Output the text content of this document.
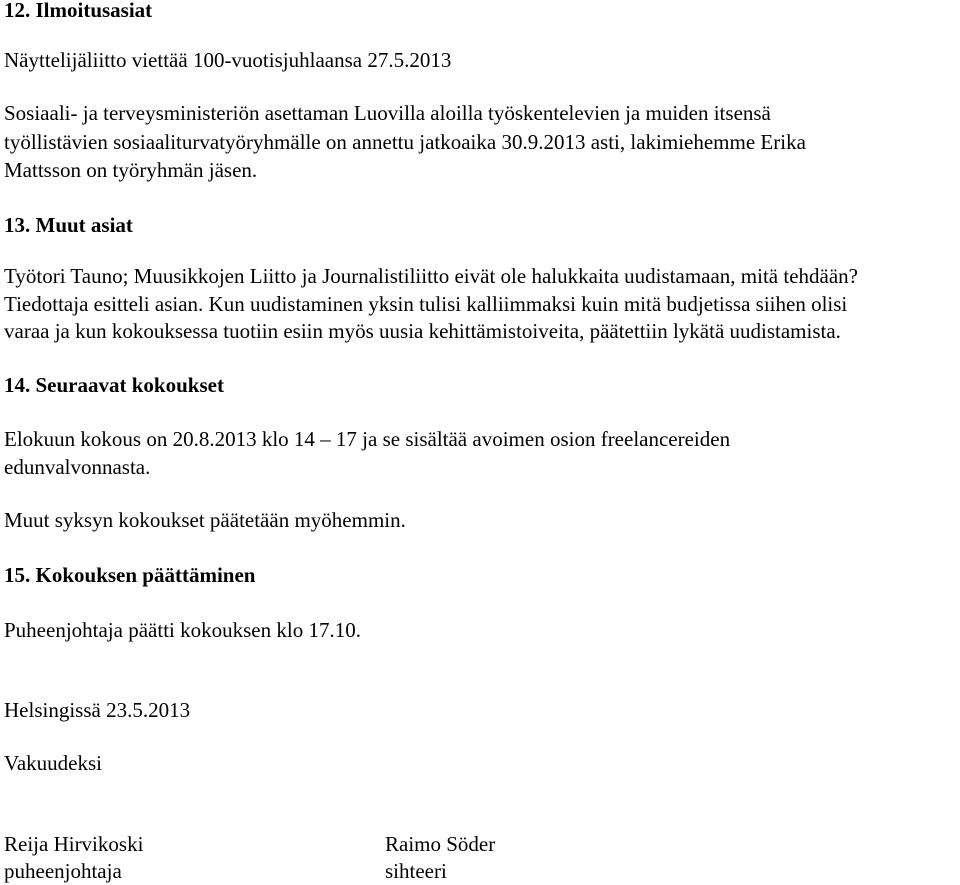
12. Ilmoitusasiat
Näyttelijäliitto viettää 100-vuotisjuhlaansa 27.5.2013
Sosiaali- ja terveysministeriön asettaman Luovilla aloilla työskentelevien ja muiden itsensä
työllistävien sosiaaliturvatyöryhmälle on annettu jatkoaika 30.9.2013 asti, lakimiehemme Erika
Mattsson on työryhmän jäsen.
13. Muut asiat
Työtori Tauno; Muusikkojen Liitto ja Journalistiliitto eivät ole halukkaita uudistamaan, mitä tehdään?
Tiedottaja esitteli asian. Kun uudistaminen yksin tulisi kalliimmaksi kuin mitä budjetissa siihen olisi
varaa ja kun kokouksessa tuotiin esiin myös uusia kehittämistoiveita, päätettiin lykätä uudistamista.
14. Seuraavat kokoukset
Elokuun kokous on 20.8.2013 klo 14 – 17 ja se sisältää avoimen osion freelancereiden
edunvalvonnasta.
Muut syksyn kokoukset päätetään myöhemmin.
15. Kokouksen päättäminen
Puheenjohtaja päätti kokouksen klo 17.10.
Helsingissä 23.5.2013
Vakuudeksi
Reija Hirvikoski
puheenjohtaja
Raimo Söder
sihteeri
